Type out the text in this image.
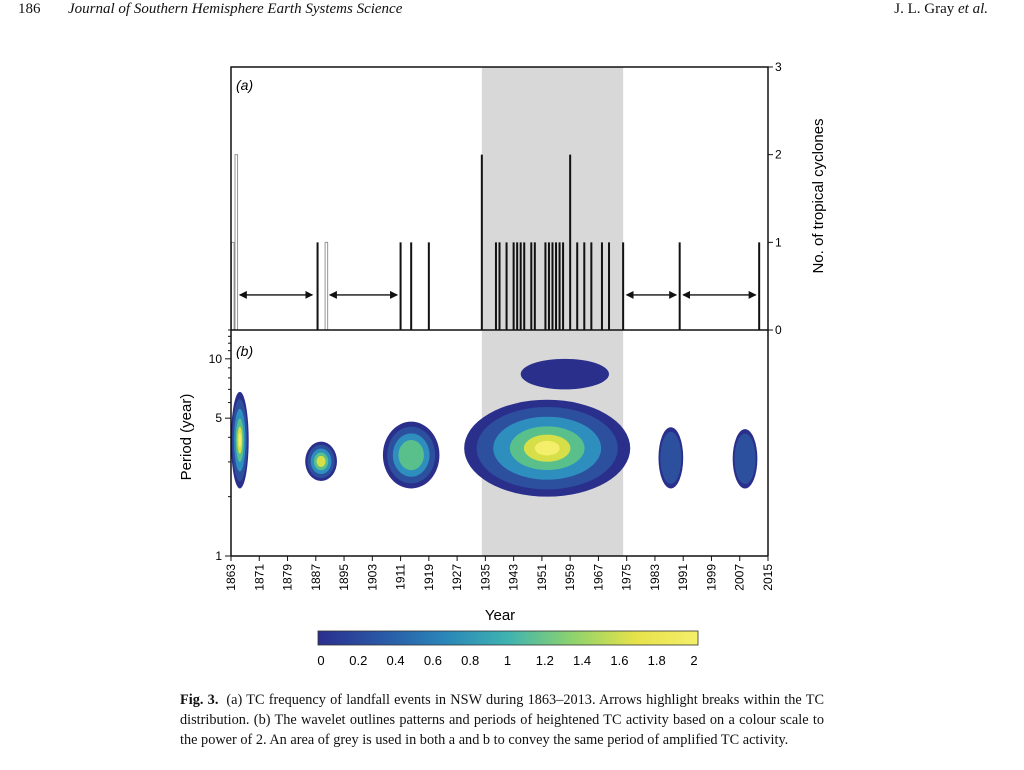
186 Journal of Southern Hemisphere Earth Systems Science	J. L. Gray et al.
1863 1871 1879 1887 1895 1903 1911 1919 1927 1935 1943 1951 1959 1967 1975 1983 1991 1999 2007 2015
0
1
2
3
1
5
10
(a)
(b)
Year
No. of tropical cyclones
Period (year)
0 0.2 0.4 0.6 0.8 1 1.2 1.4 1.6 1.8 2
Fig. 3. (a) TC frequency of landfall events in NSW during 1863–2013. Arrows highlight breaks within the TC distribution. (b) The wavelet outlines patterns and periods of heightened TC activity based on a colour scale to the power of 2. An area of grey is used in both a and b to convey the same period of amplified TC activity.
